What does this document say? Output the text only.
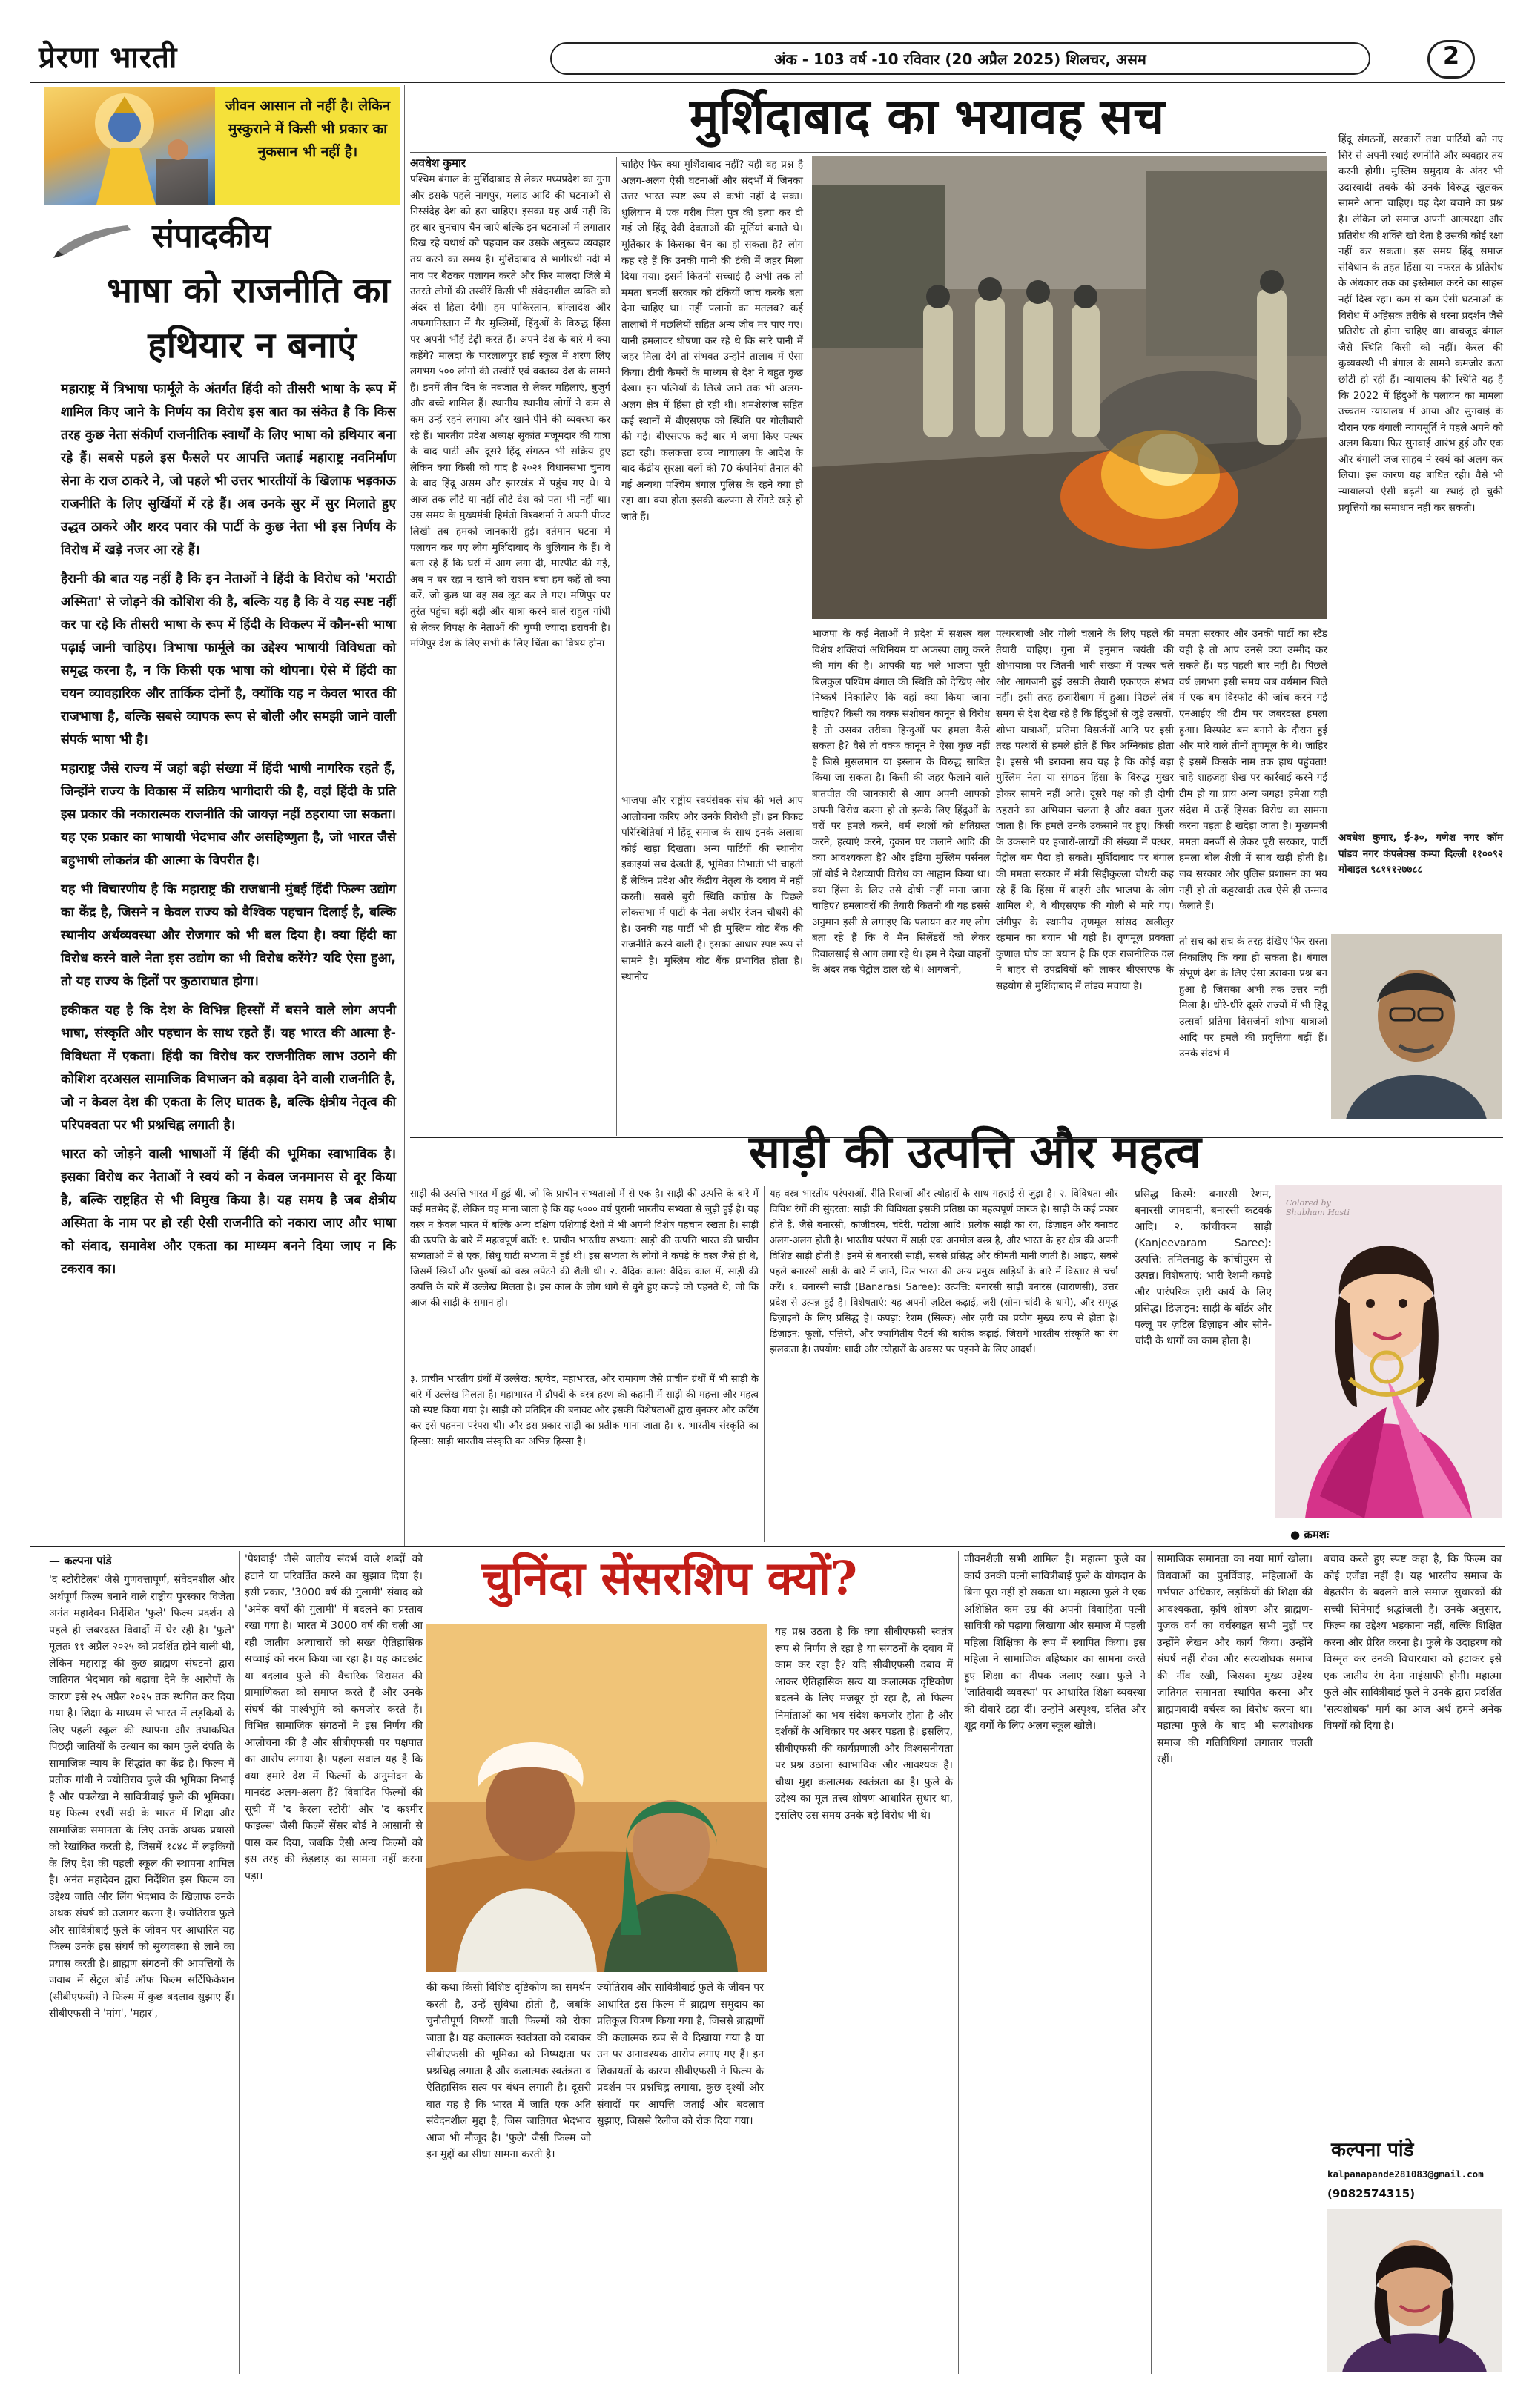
प्रेरणा भारती	अंक - 103 वर्ष -10 रविवार (20 अप्रैल 2025) शिलचर, असम	2
जीवन आसान तो नहीं है। लेकिन मुस्कुराने में किसी भी प्रकार का नुकसान भी नहीं है।
संपादकीय
भाषा को राजनीति का
हथियार न बनाएं

महाराष्ट्र में त्रिभाषा फार्मूले के अंतर्गत हिंदी को तीसरी भाषा के रूप में शामिल किए जाने के निर्णय का विरोध इस बात का संकेत है कि किस तरह कुछ नेता संकीर्ण राजनीतिक स्वार्थों के लिए भाषा को हथियार बना रहे हैं। सबसे पहले इस फैसले पर आपत्ति जताई महाराष्ट्र नवनिर्माण सेना के राज ठाकरे ने, जो पहले भी उत्तर भारतीयों के खिलाफ भड़काऊ राजनीति के लिए सुर्खियों में रहे हैं। अब उनके सुर में सुर मिलाते हुए उद्धव ठाकरे और शरद पवार की पार्टी के कुछ नेता भी इस निर्णय के विरोध में खड़े नजर आ रहे हैं।

हैरानी की बात यह नहीं है कि इन नेताओं ने हिंदी के विरोध को 'मराठी अस्मिता' से जोड़ने की कोशिश की है, बल्कि यह है कि वे यह स्पष्ट नहीं कर पा रहे कि तीसरी भाषा के रूप में हिंदी के विकल्प में कौन-सी भाषा पढ़ाई जानी चाहिए। त्रिभाषा फार्मूले का उद्देश्य भाषायी विविधता को समृद्ध करना है, न कि किसी एक भाषा को थोपना। ऐसे में हिंदी का चयन व्यावहारिक और तार्किक दोनों है, क्योंकि यह न केवल भारत की राजभाषा है, बल्कि सबसे व्यापक रूप से बोली और समझी जाने वाली संपर्क भाषा भी है।

महाराष्ट्र जैसे राज्य में जहां बड़ी संख्या में हिंदी भाषी नागरिक रहते हैं, जिन्होंने राज्य के विकास में सक्रिय भागीदारी की है, वहां हिंदी के प्रति इस प्रकार की नकारात्मक राजनीति की जायज़ नहीं ठहराया जा सकता। यह एक प्रकार का भाषायी भेदभाव और असहिष्णुता है, जो भारत जैसे बहुभाषी लोकतंत्र की आत्मा के विपरीत है।

यह भी विचारणीय है कि महाराष्ट्र की राजधानी मुंबई हिंदी फिल्म उद्योग का केंद्र है, जिसने न केवल राज्य को वैश्विक पहचान दिलाई है, बल्कि स्थानीय अर्थव्यवस्था और रोजगार को भी बल दिया है। क्या हिंदी का विरोध करने वाले नेता इस उद्योग का भी विरोध करेंगे? यदि ऐसा हुआ, तो यह राज्य के हितों पर कुठाराघात होगा।

हकीकत यह है कि देश के विभिन्न हिस्सों में बसने वाले लोग अपनी भाषा, संस्कृति और पहचान के साथ रहते हैं। यह भारत की आत्मा है-विविधता में एकता। हिंदी का विरोध कर राजनीतिक लाभ उठाने की कोशिश दरअसल सामाजिक विभाजन को बढ़ावा देने वाली राजनीति है, जो न केवल देश की एकता के लिए घातक है, बल्कि क्षेत्रीय नेतृत्व की परिपक्वता पर भी प्रश्नचिह्न लगाती है।

भारत को जोड़ने वाली भाषाओं में हिंदी की भूमिका स्वाभाविक है। इसका विरोध कर नेताओं ने स्वयं को न केवल जनमानस से दूर किया है, बल्कि राष्ट्रहित से भी विमुख किया है। यह समय है जब क्षेत्रीय अस्मिता के नाम पर हो रही ऐसी राजनीति को नकारा जाए और भाषा को संवाद, समावेश और एकता का माध्यम बनने दिया जाए न कि टकराव का।

मुर्शिदाबाद का भयावह सच
अवधेश कुमार
पश्चिम बंगाल के मुर्शिदाबाद से लेकर मध्यप्रदेश का गुना और इसके पहले नागपुर, मलाड आदि की घटनाओं से निस्संदेह देश को हरा चाहिए। इसका यह अर्थ नहीं कि हर बार चुनचाप चैन जाएं बल्कि इन घटनाओं में लगातार दिख रहे यथार्थ को पहचान कर उसके अनुरूप व्यवहार तय करने का समय है। मुर्शिदाबाद से भागीरथी नदी में नाव पर बैठकर पलायन करते और फिर मालदा जिले में उतरते लोगों की तस्वीरें किसी भी संवेदनशील व्यक्ति को अंदर से हिला देंगी। हम पाकिस्तान, बांग्लादेश और अफगानिस्तान में गैर मुस्लिमों, हिंदुओं के विरुद्ध हिंसा पर अपनी भौंहें टेढ़ी करते हैं। अपने देश के बारे में क्या कहेंगे? मालदा के पारलालपुर हाई स्कूल में शरण लिए लगभग ५०० लोगों की तस्वीरें एवं वक्तव्य देश के सामने हैं। इनमें तीन दिन के नवजात से लेकर महिलाएं, बुजुर्ग और बच्चे शामिल हैं। स्थानीय स्थानीय लोगों ने कम से कम उन्हें रहने लगाया और खाने-पीने की व्यवस्था कर रहे हैं। भारतीय प्रदेश अध्यक्ष सुकांत मजूमदार की यात्रा के बाद पार्टी और दूसरे हिंदू संगठन भी सक्रिय हुए लेकिन क्या किसी को याद है २०२१ विधानसभा चुनाव के बाद हिंदू असम और झारखंड में पहुंच गए थे। ये आज तक लौटे या नहीं लौटे देश को पता भी नहीं था। उस समय के मुख्यमंत्री हिमंतो विश्वशर्मा ने अपनी पीएट लिखी तब हमको जानकारी हुई। वर्तमान घटना में पलायन कर गए लोग मुर्शिदाबाद के धुलियान के हैं। वे बता रहे हैं कि घरों में आग लगा दी, मारपीट की गई, अब न घर रहा न खाने को राशन बचा हम कहें तो क्या करें, जो कुछ था वह सब लूट कर ले गए। मणिपुर पर तुरंत पहुंचा बड़ी बड़ी और यात्रा करने वाले राहुल गांधी से लेकर विपक्ष के नेताओं की चुप्पी ज्यादा डरावनी है। मणिपुर देश के लिए सभी के लिए चिंता का विषय होना
चाहिए फिर क्या मुर्शिदाबाद नहीं? यही वह प्रश्न है अलग-अलग ऐसी घटनाओं और संदर्भों में जिनका उत्तर भारत स्पष्ट रूप से कभी नहीं दे सका। धुलियान में एक गरीब पिता पुत्र की हत्या कर दी गई जो हिंदू देवी देवताओं की मूर्तियां बनाते थे। मूर्तिकार के किसका चैन का हो सकता है? लोग कह रहे हैं कि उनकी पानी की टंकी में जहर मिला दिया गया। इसमें कितनी सच्चाई है अभी तक तो ममता बनर्जी सरकार को टंकियों जांच करके बता देना चाहिए था। नहीं पलानो का मतलब? कई तालाबों में मछलियों सहित अन्य जीव मर पाए गए। यानी हमलावर धोषणा कर रहे थे कि सारे पानी में जहर मिला देंगे तो संभवत उन्होंने तालाब में ऐसा किया। टीवी कैमरों के माध्यम से देश ने बहुत कुछ देखा। इन पत्नियों के लिखे जाने तक भी अलग-अलग क्षेत्र में हिंसा हो रही थी। शमशेरगंज सहित कई स्थानों में बीएसएफ को स्थिति पर गोलीबारी की गई। बीएसएफ कई बार में जमा किए पत्थर हटा रही। कलकत्ता उच्च न्यायालय के आदेश के बाद केंद्रीय सुरक्षा बलों की 70 कंपनियां तैनात की गई अन्यथा पश्चिम बंगाल पुलिस के रहने क्या हो रहा था। क्या होता इसकी कल्पना से रोंगटे खड़े हो जाते हैं।
भाजपा और राष्ट्रीय स्वयंसेवक संघ की भले आप आलोचना करिए और उनके विरोधी हों। इन विकट परिस्थितियों में हिंदू समाज के साथ इनके अलावा कोई खड़ा दिखता। अन्य पार्टियों की स्थानीय इकाइयां सच देखती हैं, भूमिका निभाती भी चाहती हैं लेकिन प्रदेश और केंद्रीय नेतृत्व के दबाव में नहीं करती। सबसे बुरी स्थिति कांग्रेस के पिछले लोकसभा में पार्टी के नेता अधीर रंजन चौधरी की है। उनकी यह पार्टी भी ही मुस्लिम वोट बैंक की राजनीति करने वाली है। इसका आधार स्पष्ट रूप से सामने है। मुस्लिम वोट बैंक प्रभावित होता है। स्थानीय
भाजपा के कई नेताओं ने प्रदेश में सशस्त्र बल विशेष शक्तियां अधिनियम या अफस्पा लागू करने की मांग की है। आपकी यह भले भाजपा पूरी बिलकुल पश्चिम बंगाल की स्थिति को देखिए और निष्कर्ष निकालिए कि वहां क्या किया जाना चाहिए? किसी का वक्फ संशोधन कानून से विरोध है तो उसका तरीका हिन्दुओं पर हमला कैसे सकता है? वैसे तो वक्फ कानून ने ऐसा कुछ नहीं है जिसे मुसलमान या इस्लाम के विरुद्ध साबित किया जा सकता है। किसी की जहर फैलाने वाले बातचीत की जानकारी से आप अपनी आपको अपनी विरोध करना हो तो इसके लिए हिंदुओं के घरों पर हमले करने, धर्म स्थलों को क्षतिग्रस्त करने, हत्याएं करने, दुकान घर जलाने आदि की क्या आवश्यकता है? और इंडिया मुस्लिम पर्सनल लॉ बोर्ड ने देशव्यापी विरोध का आह्वान किया था। क्या हिंसा के लिए उसे दोषी नहीं माना जाना चाहिए? हमलावरों की तैयारी कितनी थी यह इससे अनुमान इसी से लगाइए कि पलायन कर गए लोग बता रहे हैं कि वे मैंन सिलेंडरों को लेकर दिवालसाई से आग लगा रहे थे। हम ने देखा वाहनों के अंदर तक पेट्रोल डाल रहे थे। आगजनी,
पत्थरबाजी और गोली चलाने के लिए पहले की तैयारी चाहिए। गुना में हनुमान जयंती की शोभायात्रा पर जितनी भारी संख्या में पत्थर चले और आगजनी हुई उसकी तैयारी एकाएक संभव नहीं। इसी तरह हजारीबाग में हुआ। पिछले लंबे समय से देश देख रहे हैं कि हिंदुओं से जुड़े उत्सवों, शोभा यात्राओं, प्रतिमा विसर्जनों आदि पर इसी तरह पत्थरों से हमले होते हैं फिर अग्निकांड होता है। इससे भी डरावना सच यह है कि कोई बड़ा मुस्लिम नेता या संगठन हिंसा के विरुद्ध मुखर होकर सामने नहीं आते। दूसरे पक्ष को ही दोषी ठहराने का अभियान चलता है और वक्त गुजर जाता है। कि हमले उनके उकसाने पर हुए। किसी के उकसाने पर हजारों-लाखों की संख्या में पत्थर, पेट्रोल बम पैदा हो सकते। मुर्शिदाबाद पर बंगाल की ममता सरकार में मंत्री सिद्दीकुल्ला चौधरी कह रहे हैं कि हिंसा में बाहरी और भाजपा के लोग शामिल थे, वे बीएसएफ की गोली से मारे गए। जंगीपुर के स्थानीय तृणमूल सांसद खलीलुर रहमान का बयान भी यही है। तृणमूल प्रवक्ता कुणाल घोष का बयान है कि एक राजनीतिक दल ने बाहर से उपद्रवियों को लाकर बीएसएफ के सहयोग से मुर्शिदाबाद में तांडव मचाया है।
ममता सरकार और उनकी पार्टी का स्टैंड यही है तो आप उनसे क्या उम्मीद कर सकते हैं। यह पहली बार नहीं है। पिछले वर्ष लगभग इसी समय जब वर्धमान जिले में एक बम विस्फोट की जांच करने गई एनआईए की टीम पर जबरदस्त हमला हुआ। विस्फोट बम बनाने के दौरान हुई और मारे वाले तीनों तृणमूल के थे। जाहिर है इसमें किसके नाम तक हाथ पहुंचता! चाहे शाहजहां शेख पर कार्रवाई करने गई टीम हो या प्राय अन्य जगह! हमेशा यही संदेश में उन्हें हिंसक विरोध का सामना करना पड़ता है खदेड़ा जाता है। मुख्यमंत्री ममता बनर्जी से लेकर पूरी सरकार, पार्टी हमला बोल शैली में साथ खड़ी होती है। जब सरकार और पुलिस प्रशासन का भय नहीं हो तो कट्टरवादी तत्व ऐसे ही उन्माद फैलाते हैं।
तो सच को सच के तरह देखिए फिर रास्ता निकालिए कि क्या हो सकता है। बंगाल संभूर्ण देश के लिए ऐसा डरावना प्रश्न बन हुआ है जिसका अभी तक उत्तर नहीं मिला है। धीरे-धीरे दूसरे राज्यों में भी हिंदू उत्सवों प्रतिमा विसर्जनों शोभा यात्राओं आदि पर हमले की प्रवृत्तियां बढ़ीं हैं। उनके संदर्भ में
हिंदू संगठनों, सरकारों तथा पार्टियों को नए सिरे से अपनी स्थाई रणनीति और व्यवहार तय करनी होगी। मुस्लिम समुदाय के अंदर भी उदारवादी तबके की उनके विरुद्ध खुलकर सामने आना चाहिए। यह देश बचाने का प्रश्न है। लेकिन जो समाज अपनी आत्मरक्षा और प्रतिरोध की शक्ति खो देता है उसकी कोई रक्षा नहीं कर सकता। इस समय हिंदू समाज संविधान के तहत हिंसा या नफरत के प्रतिरोध के अंधकार तक का इस्तेमाल करने का साहस नहीं दिख रहा। कम से कम ऐसी घटनाओं के विरोध में अहिंसक तरीके से धरना प्रदर्शन जैसे प्रतिरोध तो होना चाहिए था। वाचजूद बंगाल जैसे स्थिति किसी को नहीं। केरल की कुव्यवस्थी भी बंगाल के सामने कमजोर कठा छोटी हो रही हैं। न्यायालय की स्थिति यह है कि 2022 में हिंदुओं के पलायन का मामला उच्चतम न्यायालय में आया और सुनवाई के दौरान एक बंगाली न्यायमूर्ति ने पहले अपने को अलग किया। फिर सुनवाई आरंभ हुई और एक और बंगाली जज साहब ने स्वयं को अलग कर लिया। इस कारण यह बाधित रही। वैसे भी न्यायालयों ऐसी बढ़ती या स्थाई हो चुकी प्रवृत्तियों का समाधान नहीं कर सकती।
अवधेश कुमार, ई-३०, गणेश नगर कॉम पांडव नगर कंपलेक्स कम्पा दिल्ली ११००९२ मोबाइल ९८१११२७७८८
साड़ी की उत्पत्ति और महत्व
साड़ी की उत्पत्ति भारत में हुई थी, जो कि प्राचीन सभ्यताओं में से एक है। साड़ी की उत्पत्ति के बारे में कई मतभेद हैं, लेकिन यह माना जाता है कि यह ५००० वर्ष पुरानी भारतीय सभ्यता से जुड़ी हुई है। यह वस्त्र न केवल भारत में बल्कि अन्य दक्षिण एशियाई देशों में भी अपनी विशेष पहचान रखता है। साड़ी की उत्पत्ति के बारे में महत्वपूर्ण बातें: १. प्राचीन भारतीय सभ्यता: साड़ी की उत्पत्ति भारत की प्राचीन सभ्यताओं में से एक, सिंधु घाटी सभ्यता में हुई थी। इस सभ्यता के लोगों ने कपड़े के वस्त्र जैसे ही थे, जिसमें स्त्रियों और पुरुषों को वस्त्र लपेटने की शैली थी। २. वैदिक काल: वैदिक काल में, साड़ी की उत्पत्ति के बारे में उल्लेख मिलता है। इस काल के लोग धागे से बुने हुए कपड़े को पहनते थे, जो कि आज की साड़ी के समान हो।
३. प्राचीन भारतीय ग्रंथों में उल्लेख: ऋग्वेद, महाभारत, और रामायण जैसे प्राचीन ग्रंथों में भी साड़ी के बारे में उल्लेख मिलता है। महाभारत में द्रौपदी के वस्त्र हरण की कहानी में साड़ी की महत्ता और महत्व को स्पष्ट किया गया है। साड़ी को प्रतिदिन की बनावट और इसकी विशेषताओं द्वारा बुनकर और कटिंग कर इसे पहनना परंपरा थी। और इस प्रकार साड़ी का प्रतीक माना जाता है। १. भारतीय संस्कृति का हिस्सा: साड़ी भारतीय संस्कृति का अभिन्न हिस्सा है।
यह वस्त्र भारतीय परंपराओं, रीति-रिवाजों और त्योहारों के साथ गहराई से जुड़ा है। २. विविधता और विविध रंगों की सुंदरता: साड़ी की विविधता इसकी प्रतिष्ठा का महत्वपूर्ण कारक है। साड़ी के कई प्रकार होते हैं, जैसे बनारसी, कांजीवरम, चंदेरी, पटोला आदि। प्रत्येक साड़ी का रंग, डिज़ाइन और बनावट अलग-अलग होती है। भारतीय परंपरा में साड़ी एक अनमोल वस्त्र है, और भारत के हर क्षेत्र की अपनी विशिष्ट साड़ी होती है। इनमें से बनारसी साड़ी, सबसे प्रसिद्ध और कीमती मानी जाती है। आइए, सबसे पहले बनारसी साड़ी के बारे में जानें, फिर भारत की अन्य प्रमुख साड़ियों के बारे में विस्तार से चर्चा करें। १. बनारसी साड़ी (Banarasi Saree): उत्पत्ति: बनारसी साड़ी बनारस (वाराणसी), उत्तर प्रदेश से उत्पन्न हुई है। विशेषताएं: यह अपनी ज़टिल कढ़ाई, ज़री (सोना-चांदी के धागे), और समृद्ध डिज़ाइनों के लिए प्रसिद्ध है। कपड़ा: रेशम (सिल्क) और ज़री का प्रयोग मुख्य रूप से होता है। डिज़ाइन: फूलों, पत्तियों, और ज्यामितीय पैटर्न की बारीक कढ़ाई, जिसमें भारतीय संस्कृति का रंग झलकता है। उपयोग: शादी और त्योहारों के अवसर पर पहनने के लिए आदर्श।
प्रसिद्ध किस्में: बनारसी रेशम, बनारसी जामदानी, बनारसी कटवर्क आदि। २. कांचीवरम साड़ी (Kanjeevaram Saree): उत्पत्ति: तमिलनाडु के कांचीपुरम से उत्पन्न। विशेषताएं: भारी रेशमी कपड़े और पारंपरिक ज़री कार्य के लिए प्रसिद्ध। डिज़ाइन: साड़ी के बॉर्डर और पल्लू पर ज़टिल डिज़ाइन और सोने-चांदी के धागों का काम होता है।
Colored by Shubham Hasti
● क्रमशः
— कल्पना पांडे
'द स्टोरीटेलर' जैसे गुणवत्तापूर्ण, संवेदनशील और अर्थपूर्ण फिल्म बनाने वाले राष्ट्रीय पुरस्कार विजेता अनंत महादेवन निर्देशित 'फुले' फिल्म प्रदर्शन से पहले ही जबरदस्त विवादों में घेर रही है। 'फुले' मूलतः ११ अप्रैल २०२५ को प्रदर्शित होने वाली थी, लेकिन महाराष्ट्र की कुछ ब्राह्मण संघटनों द्वारा जातिगत भेदभाव को बढ़ावा देने के आरोपों के कारण इसे २५ अप्रैल २०२५ तक स्थगित कर दिया गया है। शिक्षा के माध्यम से भारत में लड़कियों के लिए पहली स्कूल की स्थापना और तथाकथित पिछड़ी जातियों के उत्थान का काम फुले दंपति के सामाजिक न्याय के सिद्धांत का केंद्र है। फिल्म में प्रतीक गांधी ने ज्योतिराव फुले की भूमिका निभाई है और पत्रलेखा ने सावित्रीबाई फुले की भूमिका। यह फिल्म १९वीं सदी के भारत में शिक्षा और सामाजिक समानता के लिए उनके अथक प्रयासों को रेखांकित करती है, जिसमें १८४८ में लड़कियों के लिए देश की पहली स्कूल की स्थापना शामिल है। अनंत महादेवन द्वारा निर्देशित इस फिल्म का उद्देश्य जाति और लिंग भेदभाव के खिलाफ उनके अथक संघर्ष को उजागर करना है। ज्योतिराव फुले और सावित्रीबाई फुले के जीवन पर आधारित यह फिल्म उनके इस संघर्ष को सुव्यवस्था से लाने का प्रयास करती है। ब्राह्मण संगठनों की आपत्तियों के जवाब में सेंट्रल बोर्ड ऑफ फिल्म सर्टिफिकेशन (सीबीएफसी) ने फिल्म में कुछ बदलाव सुझाए हैं। सीबीएफसी ने 'मांग', 'महार',
'पेशवाई' जैसे जातीय संदर्भ वाले शब्दों को हटाने या परिवर्तित करने का सुझाव दिया है। इसी प्रकार, '3000 वर्ष की गुलामी' संवाद को 'अनेक वर्षों की गुलामी' में बदलने का प्रस्ताव रखा गया है। भारत में 3000 वर्ष की चली आ रही जातीय अत्याचारों को सख्त ऐतिहासिक सच्चाई को नरम किया जा रहा है। यह काटछांट या बदलाव फुले की वैचारिक विरासत की प्रामाणिकता को समाप्त करते हैं और उनके संघर्ष की पार्श्वभूमि को कमजोर करते हैं। विभिन्न सामाजिक संगठनों ने इस निर्णय की आलोचना की है और सीबीएफसी पर पक्षपात का आरोप लगाया है। पहला सवाल यह है कि क्या हमारे देश में फिल्मों के अनुमोदन के मानदंड अलग-अलग हैं? विवादित फिल्मों की सूची में 'द केरला स्टोरी' और 'द कश्मीर फाइल्स' जैसी फिल्में सेंसर बोर्ड ने आसानी से पास कर दिया, जबकि ऐसी अन्य फिल्मों को इस तरह की छेड़छाड़ का सामना नहीं करना पड़ा।
चुनिंदा सेंसरशिप क्यों?
की कथा किसी विशिष्ट दृष्टिकोण का समर्थन करती है, उन्हें सुविधा होती है, जबकि चुनौतीपूर्ण विषयों वाली फिल्मों को रोका जाता है। यह कलात्मक स्वतंत्रता को दबाकर सीबीएफसी की भूमिका को निष्पक्षता पर प्रश्नचिह्न लगाता है और कलात्मक स्वतंत्रता व ऐतिहासिक सत्य पर बंधन लगाती है। दूसरी बात यह है कि भारत में जाति एक अति संवेदनशील मुद्दा है, जिस जातिगत भेदभाव आज भी मौजूद है। 'फुले' जैसी फिल्म जो इन मुद्दों का सीधा सामना करती है।
ज्योतिराव और सावित्रीबाई फुले के जीवन पर आधारित इस फिल्म में ब्राह्मण समुदाय का प्रतिकूल चित्रण किया गया है, जिससे ब्राह्मणों की कलात्मक रूप से वे दिखाया गया है या उन पर अनावश्यक आरोप लगाए गए हैं। इन शिकायतों के कारण सीबीएफसी ने फिल्म के प्रदर्शन पर प्रश्नचिह्न लगाया, कुछ दृश्यों और संवादों पर आपत्ति जताई और बदलाव सुझाए, जिससे रिलीज को रोक दिया गया।
यह प्रश्न उठता है कि क्या सीबीएफसी स्वतंत्र रूप से निर्णय ले रहा है या संगठनों के दबाव में काम कर रहा है? यदि सीबीएफसी दबाव में आकर ऐतिहासिक सत्य या कलात्मक दृष्टिकोण बदलने के लिए मजबूर हो रहा है, तो फिल्म निर्माताओं का भय संदेश कमजोर होता है और दर्शकों के अधिकार पर असर पड़ता है। इसलिए, सीबीएफसी की कार्यप्रणाली और विश्वसनीयता पर प्रश्न उठाना स्वाभाविक और आवश्यक है। चौथा मुद्दा कलात्मक स्वतंत्रता का है। फुले के उद्देश्य का मूल तत्त्व शोषण आधारित सुधार था, इसलिए उस समय उनके बड़े विरोध भी थे।
जीवनशैली सभी शामिल है। महात्मा फुले का कार्य उनकी पत्नी सावित्रीबाई फुले के योगदान के बिना पूरा नहीं हो सकता था। महात्मा फुले ने एक अशिक्षित कम उम्र की अपनी विवाहिता पत्नी सावित्री को पढ़ाया लिखाया और समाज में पहली महिला शिक्षिका के रूप में स्थापित किया। इस महिला ने सामाजिक बहिष्कार का सामना करते हुए शिक्षा का दीपक जलाए रखा। फुले ने 'जातिवादी व्यवस्था' पर आधारित शिक्षा व्यवस्था की दीवारें ढहा दीं। उन्होंने अस्पृश्य, दलित और शूद्र वर्गों के लिए अलग स्कूल खोले।
सामाजिक समानता का नया मार्ग खोला। विधवाओं का पुनर्विवाह, महिलाओं के गर्भपात अधिकार, लड़कियों की शिक्षा की आवश्यकता, कृषि शोषण और ब्राह्मण-पुजक वर्ग का वर्चस्वहृत सभी मुद्दों पर उन्होंने लेखन और कार्य किया। उन्होंने संघर्ष नहीं रोका और सत्यशोधक समाज की नींव रखी, जिसका मुख्य उद्देश्य जातिगत समानता स्थापित करना और ब्राह्मणवादी वर्चस्व का विरोध करना था। महात्मा फुले के बाद भी सत्यशोधक समाज की गतिविधियां लगातार चलती रहीं।
बचाव करते हुए स्पष्ट कहा है, कि फिल्म का कोई एजेंडा नहीं है। यह भारतीय समाज के बेहतरीन के बदलने वाले समाज सुधारकों की सच्ची सिनेमाई श्रद्धांजली है। उनके अनुसार, फिल्म का उद्देश्य भड़काना नहीं, बल्कि शिक्षित करना और प्रेरित करना है। फुले के उदाहरण को विस्मृत कर उनकी विचारधारा को हटाकर इसे एक जातीय रंग देना नाइंसाफी होगी। महात्मा फुले और सावित्रीबाई फुले ने उनके द्वारा प्रदर्शित 'सत्यशोधक' मार्ग का आज अर्थ हमने अनेक विषयों को दिया है।
कल्पना पांडे
kalpanapande281083@gmail.com
(9082574315)
